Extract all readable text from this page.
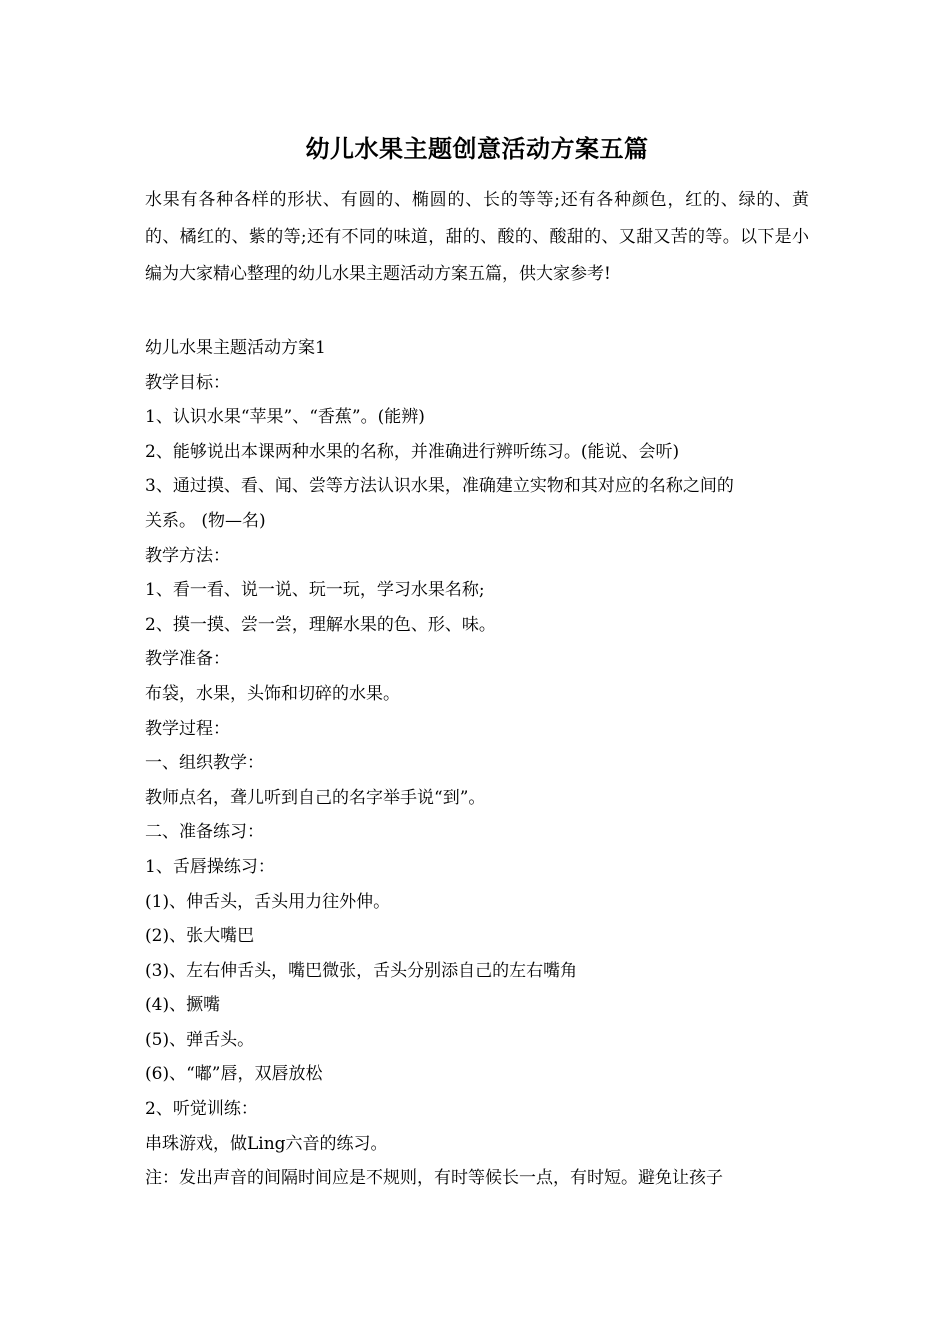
幼儿水果主题创意活动方案五篇

水果有各种各样的形状、有圆的、椭圆的、长的等等;还有各种颜色，红的、绿的、黄的、橘红的、紫的等;还有不同的味道，甜的、酸的、酸甜的、又甜又苦的等。以下是小编为大家精心整理的幼儿水果主题活动方案五篇，供大家参考!

幼儿水果主题活动方案1

教学目标：

1、认识水果“苹果”、“香蕉”。(能辨)

2、能够说出本课两种水果的名称，并准确进行辨听练习。(能说、会听)

3、通过摸、看、闻、尝等方法认识水果，准确建立实物和其对应的名称之间的

关系。 (物—名)

教学方法：

1、看一看、说一说、玩一玩，学习水果名称;

2、摸一摸、尝一尝，理解水果的色、形、味。

教学准备：

布袋，水果，头饰和切碎的水果。

教学过程：

一、组织教学：

教师点名，聋儿听到自己的名字举手说“到”。

二、准备练习：

1、舌唇操练习：

(1)、伸舌头，舌头用力往外伸。

(2)、张大嘴巴

(3)、左右伸舌头，嘴巴微张，舌头分别添自己的左右嘴角

(4)、撅嘴

(5)、弹舌头。

(6)、“嘟”唇，双唇放松

2、听觉训练：

串珠游戏，做Ling六音的练习。

注：发出声音的间隔时间应是不规则，有时等候长一点，有时短。避免让孩子
